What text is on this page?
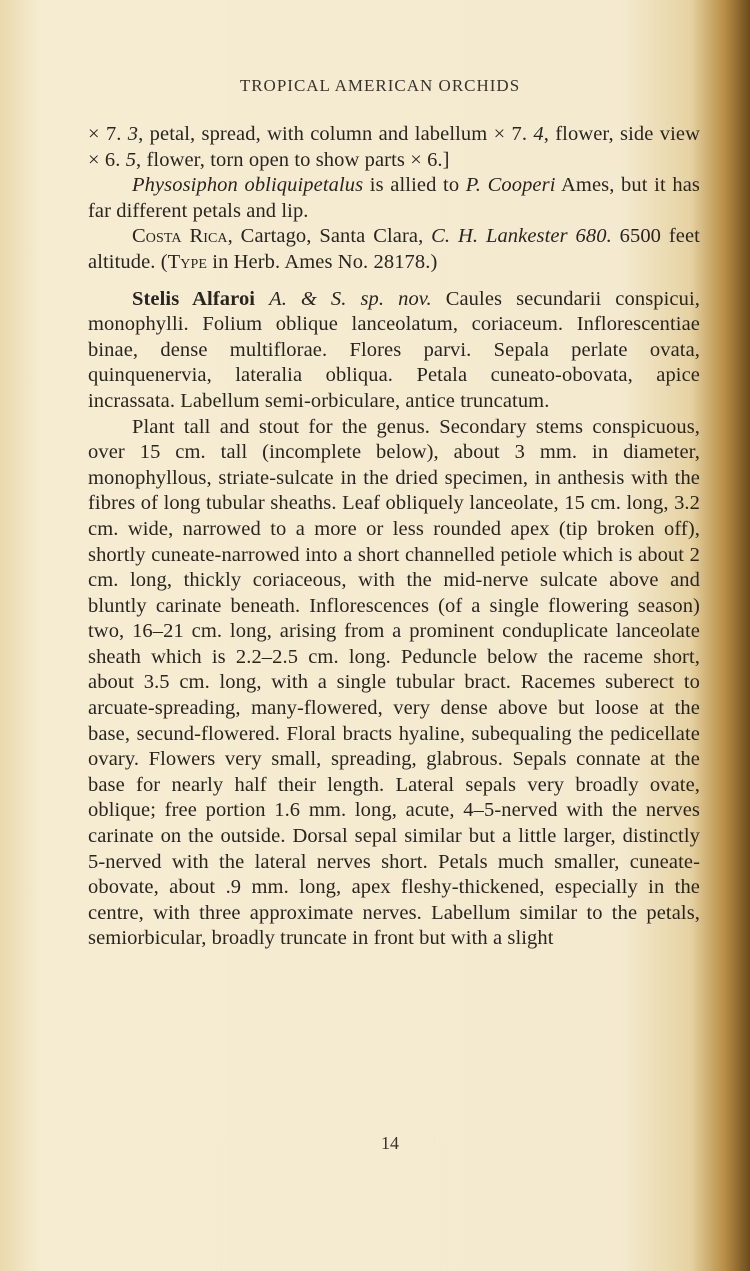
TROPICAL AMERICAN ORCHIDS

× 7. 3, petal, spread, with column and labellum × 7. 4, flower, side view × 6. 5, flower, torn open to show parts × 6.]

Physosiphon obliquipetalus is allied to P. Cooperi Ames, but it has far different petals and lip.

Costa Rica, Cartago, Santa Clara, C. H. Lankester 680. 6500 feet altitude. (Type in Herb. Ames No. 28178.)

Stelis Alfaroi A. & S. sp. nov. Caules secundarii conspicui, monophylli. Folium oblique lanceolatum, coriaceum. Inflorescentiae binae, dense multiflorae. Flores parvi. Sepala perlate ovata, quinquenervia, lateralia obliqua. Petala cuneato-obovata, apice incrassata. Labellum semi-orbiculare, antice truncatum.

Plant tall and stout for the genus. Secondary stems conspicuous, over 15 cm. tall (incomplete below), about 3 mm. in diameter, monophyllous, striate-sulcate in the dried specimen, in anthesis with the fibres of long tubular sheaths. Leaf obliquely lanceolate, 15 cm. long, 3.2 cm. wide, narrowed to a more or less rounded apex (tip broken off), shortly cuneate-narrowed into a short channelled petiole which is about 2 cm. long, thickly coriaceous, with the mid-nerve sulcate above and bluntly carinate beneath. Inflorescences (of a single flowering season) two, 16–21 cm. long, arising from a prominent conduplicate lanceolate sheath which is 2.2–2.5 cm. long. Peduncle below the raceme short, about 3.5 cm. long, with a single tubular bract. Racemes suberect to arcuate-spreading, many-flowered, very dense above but loose at the base, secund-flowered. Floral bracts hyaline, subequaling the pedicellate ovary. Flowers very small, spreading, glabrous. Sepals connate at the base for nearly half their length. Lateral sepals very broadly ovate, oblique; free portion 1.6 mm. long, acute, 4–5-nerved with the nerves carinate on the outside. Dorsal sepal similar but a little larger, distinctly 5-nerved with the lateral nerves short. Petals much smaller, cuneate-obovate, about .9 mm. long, apex fleshy-thickened, especially in the centre, with three approximate nerves. Labellum similar to the petals, semiorbicular, broadly truncate in front but with a slight

14
